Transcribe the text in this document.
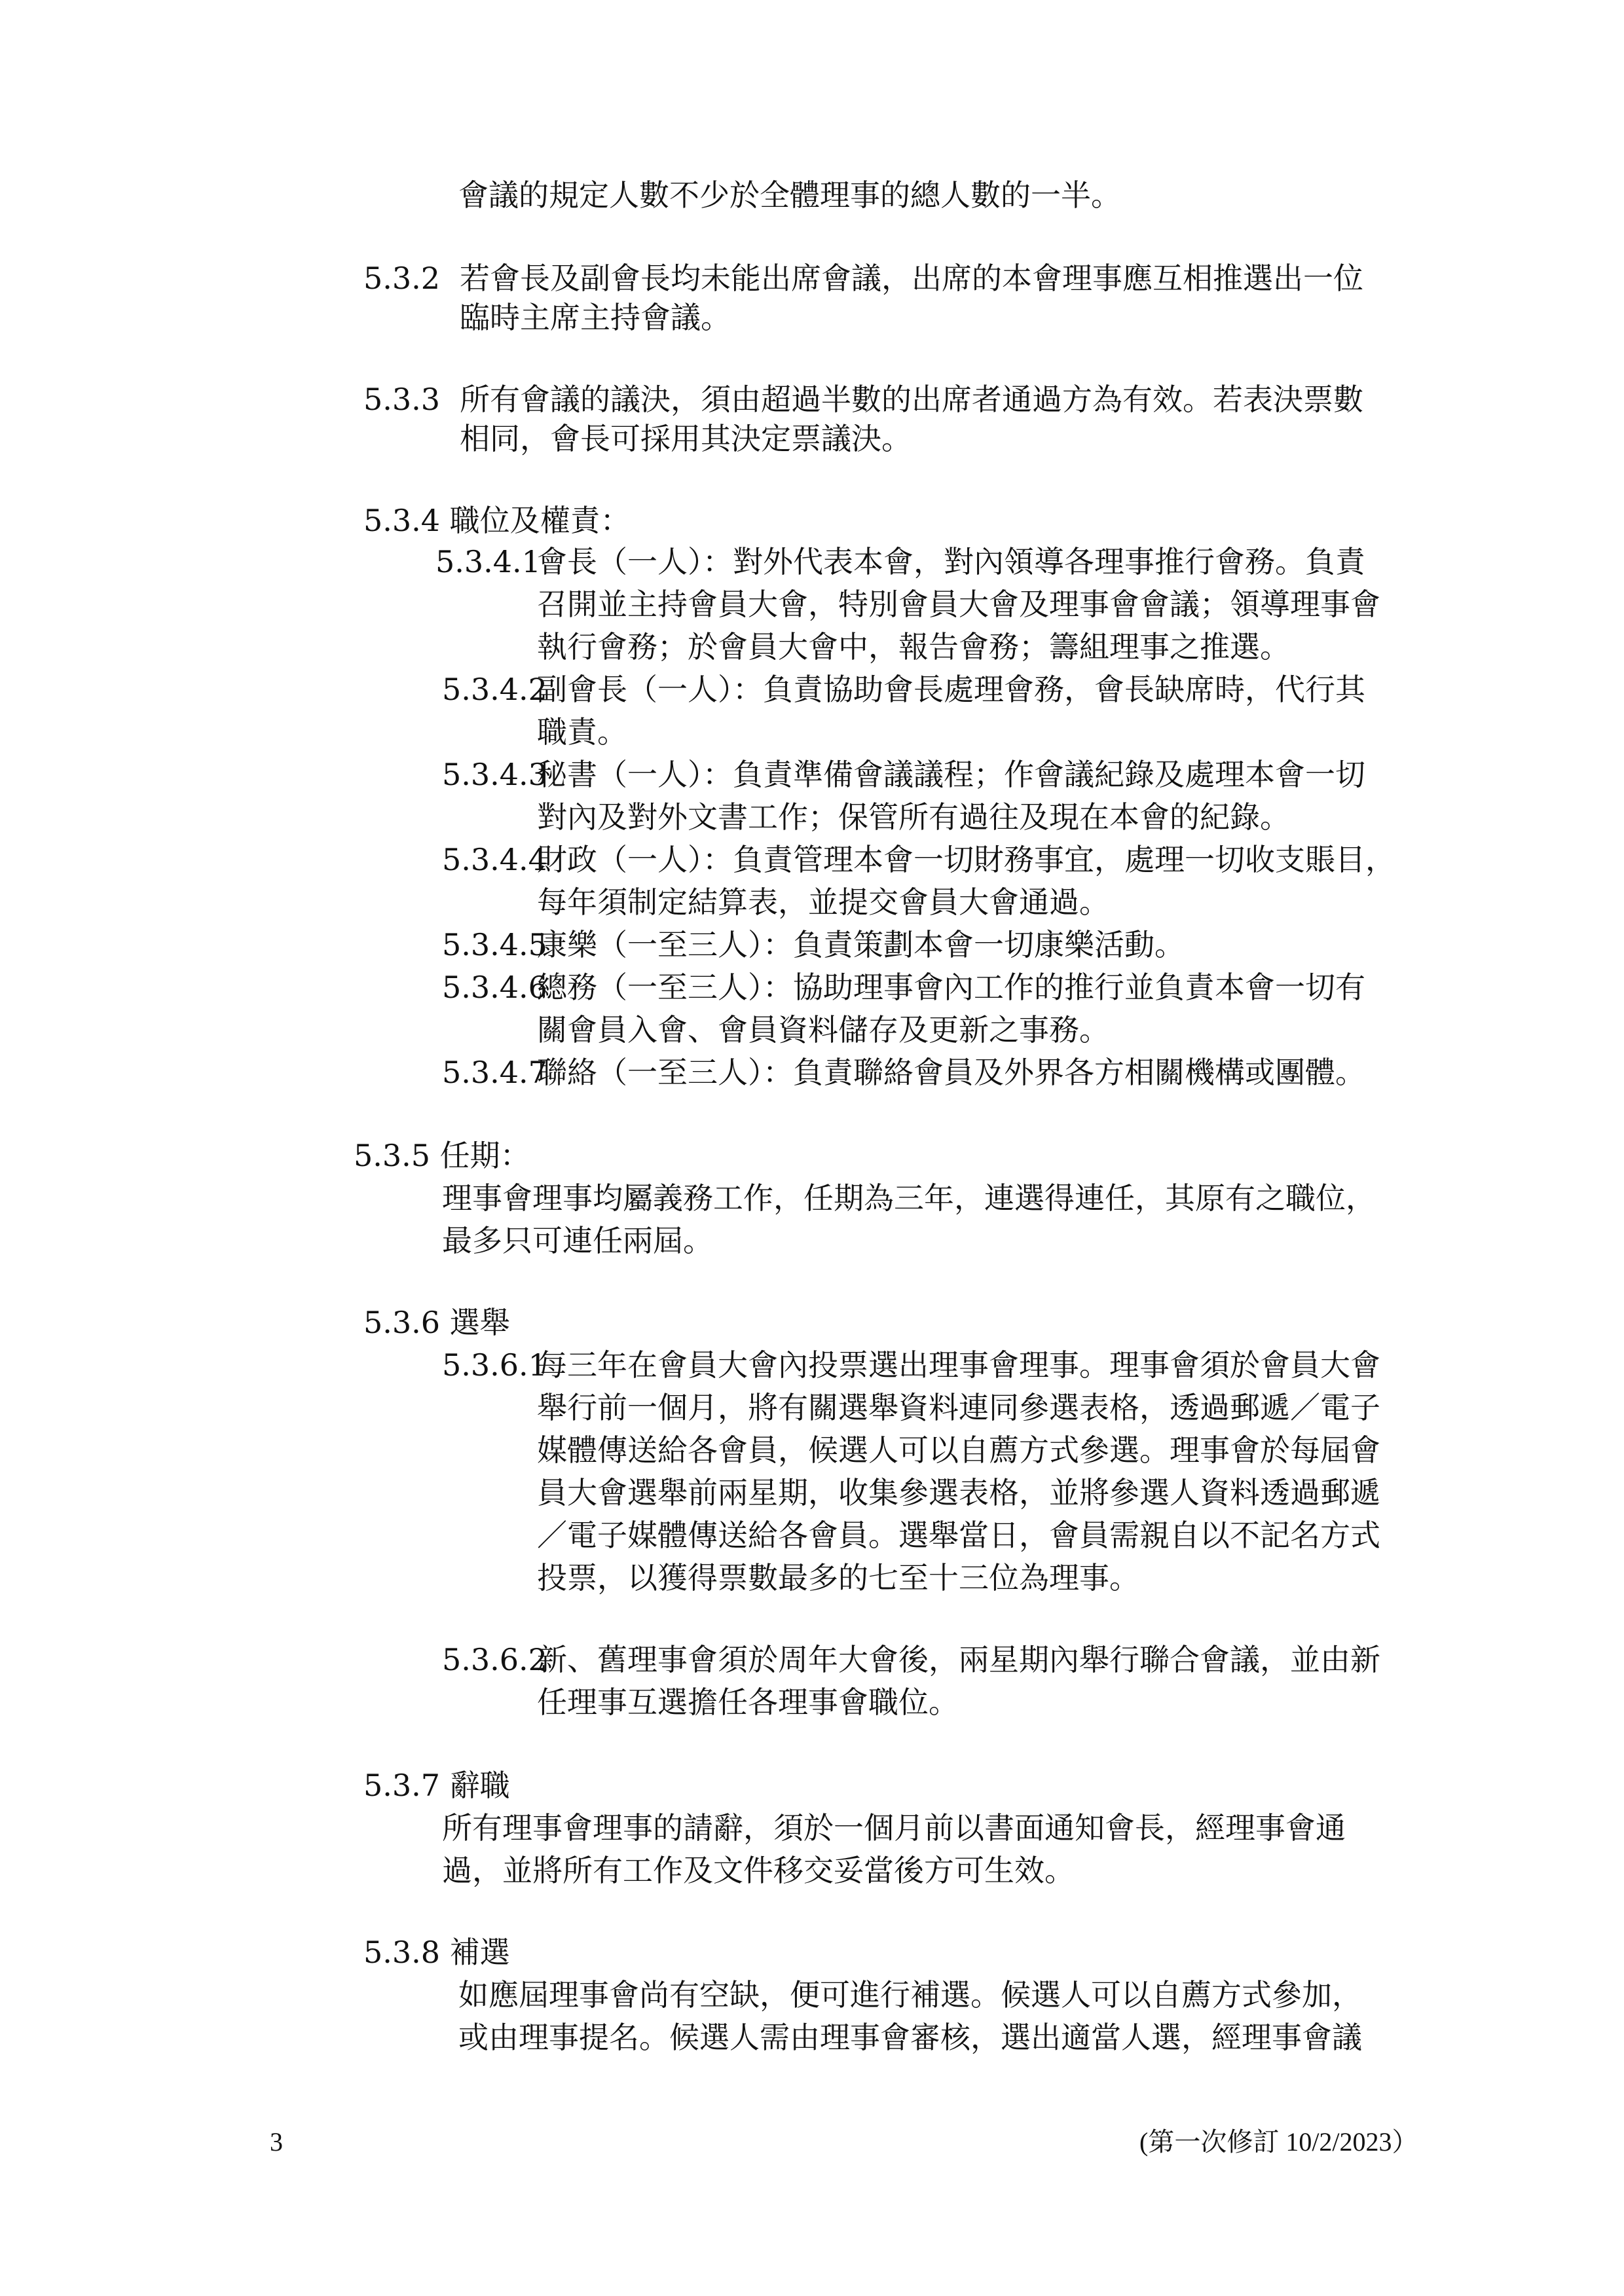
會議的規定人數不少於全體理事的總人數的一半。
5.3.2 若會長及副會長均未能出席會議，出席的本會理事應互相推選出一位
臨時主席主持會議。
5.3.3 所有會議的議決，須由超過半數的出席者通過方為有效。若表決票數
相同，會長可採用其決定票議決。
5.3.4 職位及權責：
5.3.4.1
會長（一人）：對外代表本會，對內領導各理事推行會務。負責
召開並主持會員大會，特別會員大會及理事會會議；領導理事會
執行會務；於會員大會中，報告會務；籌組理事之推選。
5.3.4.2
副會長（一人）：負責協助會長處理會務，會長缺席時，代行其
職責。
5.3.4.3
秘書（一人）：負責準備會議議程；作會議紀錄及處理本會一切
對內及對外文書工作；保管所有過往及現在本會的紀錄。
5.3.4.4
財政（一人）：負責管理本會一切財務事宜，處理一切收支賬目，
每年須制定結算表，並提交會員大會通過。
5.3.4.5
康樂（一至三人）：負責策劃本會一切康樂活動。
5.3.4.6
總務（一至三人）：協助理事會內工作的推行並負責本會一切有
關會員入會、會員資料儲存及更新之事務。
5.3.4.7
聯絡（一至三人）：負責聯絡會員及外界各方相關機構或團體。
5.3.5 任期：
理事會理事均屬義務工作，任期為三年，連選得連任，其原有之職位，
最多只可連任兩屆。
5.3.6 選舉
5.3.6.1
每三年在會員大會內投票選出理事會理事。理事會須於會員大會
舉行前一個月，將有關選舉資料連同參選表格，透過郵遞／電子
媒體傳送給各會員，候選人可以自薦方式參選。理事會於每屆會
員大會選舉前兩星期，收集參選表格，並將參選人資料透過郵遞
／電子媒體傳送給各會員。選舉當日，會員需親自以不記名方式
投票，以獲得票數最多的七至十三位為理事。
5.3.6.2
新、舊理事會須於周年大會後，兩星期內舉行聯合會議，並由新
任理事互選擔任各理事會職位。
5.3.7 辭職
所有理事會理事的請辭，須於一個月前以書面通知會長，經理事會通
過，並將所有工作及文件移交妥當後方可生效。
5.3.8 補選
如應屆理事會尚有空缺，便可進行補選。候選人可以自薦方式參加，
或由理事提名。候選人需由理事會審核，選出適當人選，經理事會議
3	(第一次修訂 10/2/2023）
